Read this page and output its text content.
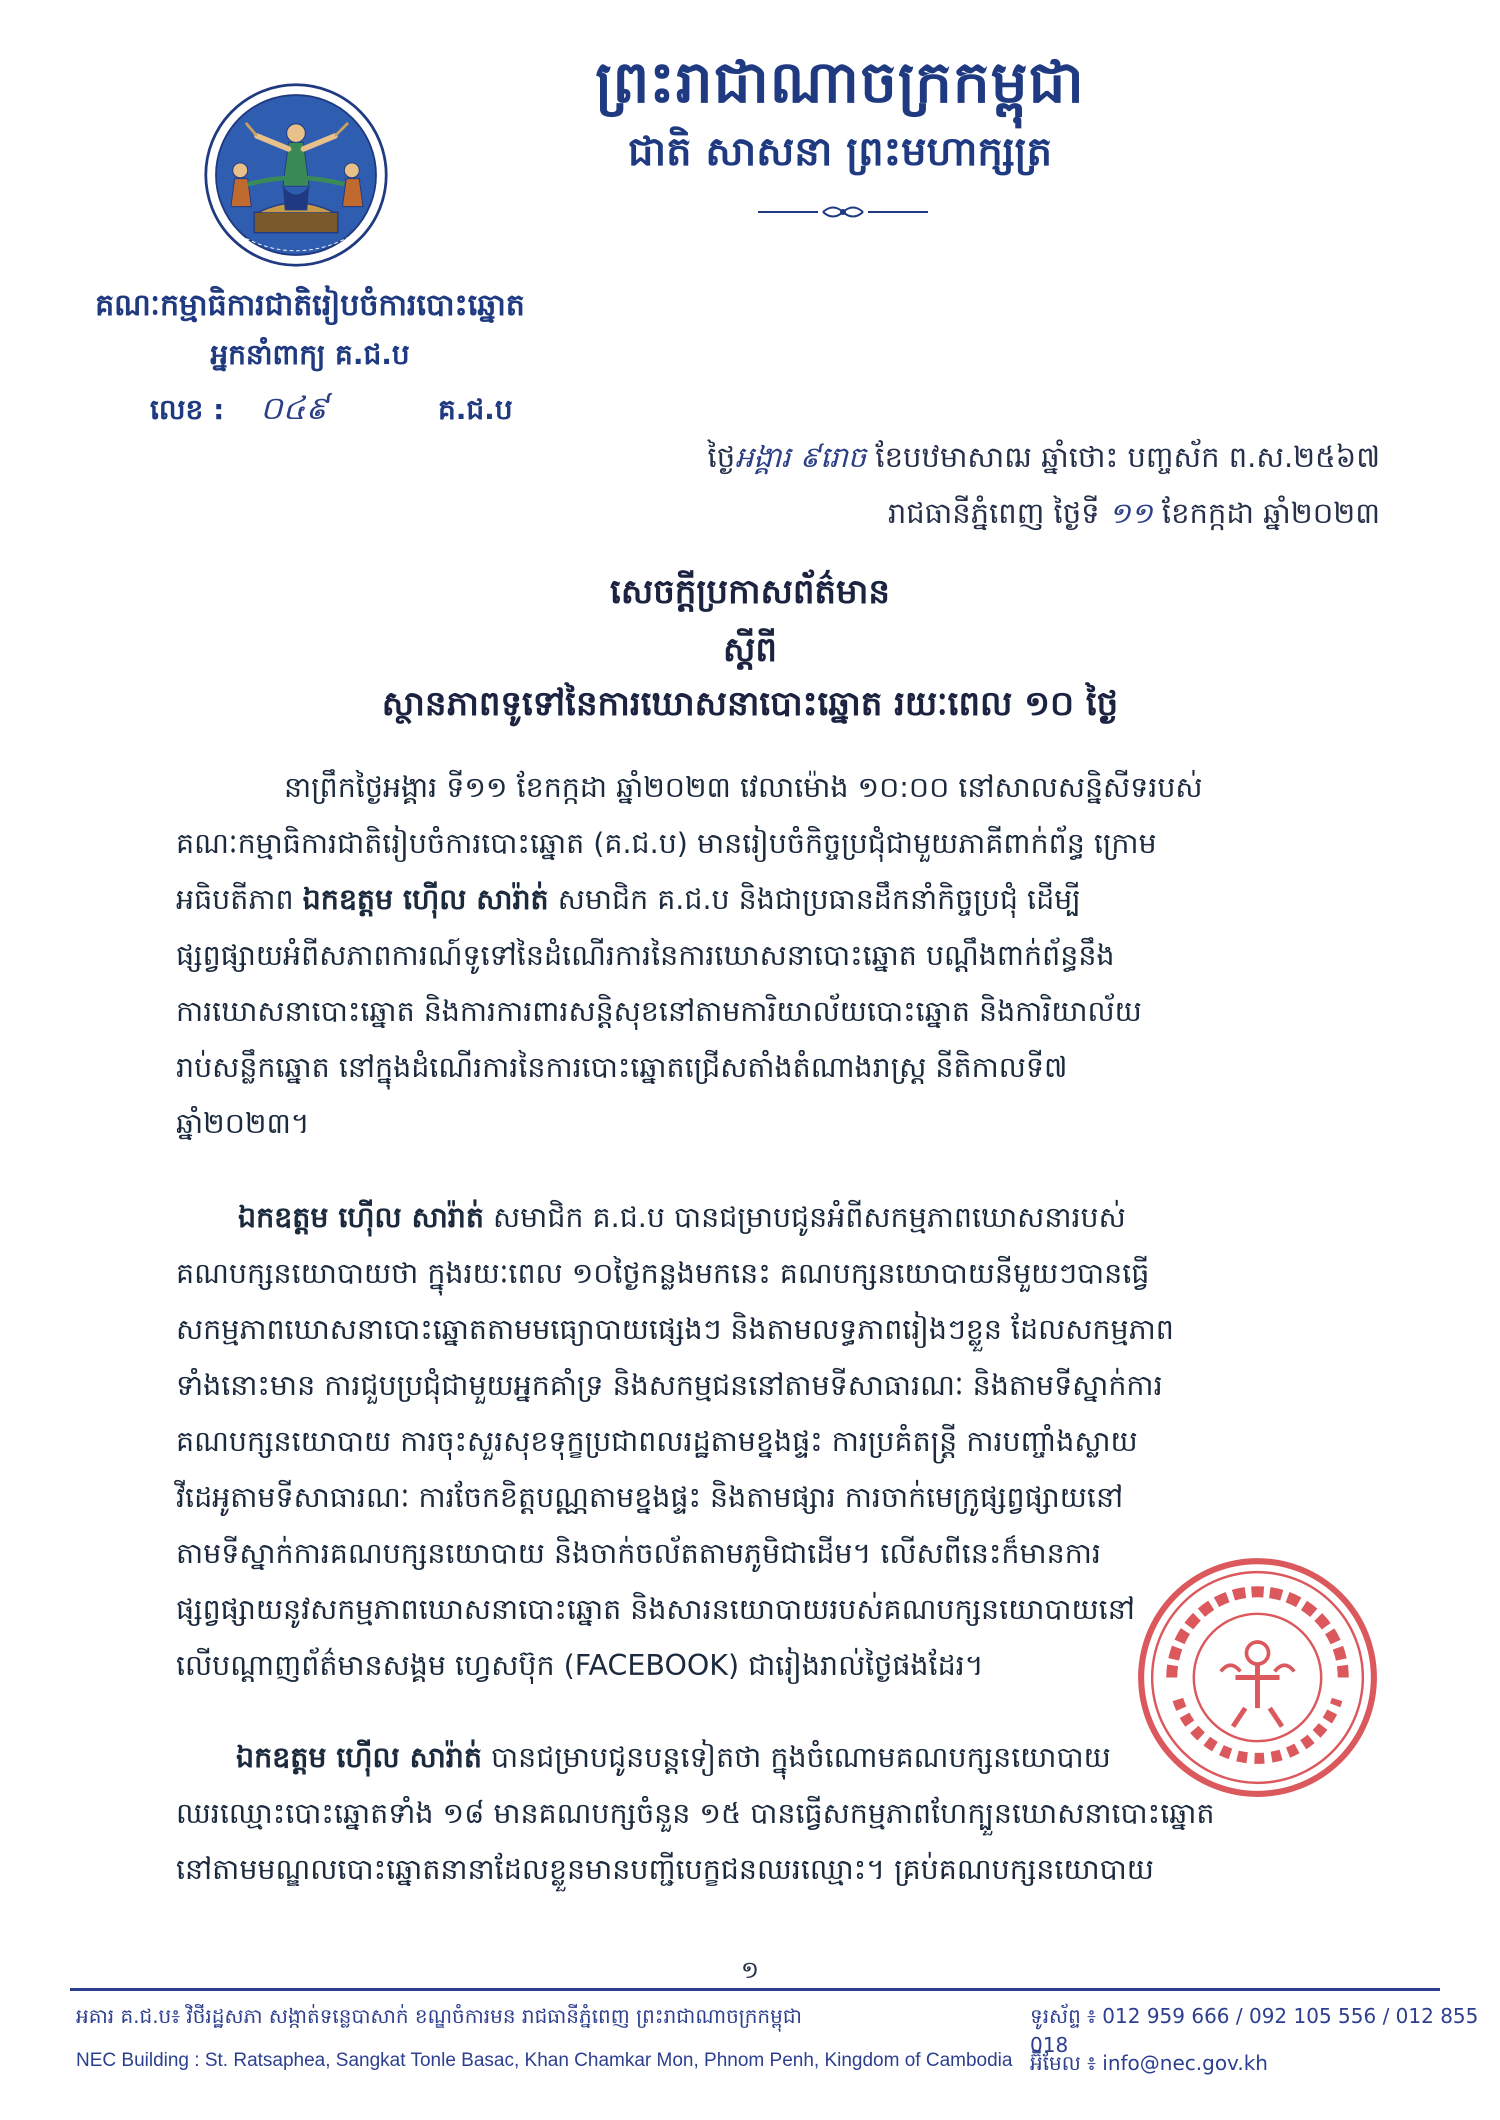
ព្រះរាជាណាចក្រកម្ពុជា
ជាតិ សាសនា ព្រះមហាក្សត្រ
គណៈកម្មាធិការជាតិរៀបចំការបោះឆ្នោត
អ្នកនាំពាក្យ គ.ជ.ប
លេខ : ០៤៩	គ.ជ.ប
ថ្ងៃអង្គារ ៩រោច ខែបឋមាសាឍ ឆ្នាំថោះ បញ្ចស័ក ព.ស.២៥៦៧
រាជធានីភ្នំពេញ ថ្ងៃទី ១១ ខែកក្កដា ឆ្នាំ២០២៣
សេចក្តីប្រកាសព័ត៌មាន
ស្តីពី
ស្ថានភាពទូទៅនៃការឃោសនាបោះឆ្នោត រយៈពេល ១០ ថ្ងៃ

នាព្រឹកថ្ងៃអង្គារ ទី១១ ខែកក្កដា ឆ្នាំ២០២៣ វេលាម៉ោង ១០:០០ នៅសាលសន្និសីទរបស់

គណៈកម្មាធិការជាតិរៀបចំការបោះឆ្នោត (គ.ជ.ប) មានរៀបចំកិច្ចប្រជុំជាមួយភាគីពាក់ព័ន្ធ ក្រោម

អធិបតីភាព ឯកឧត្តម ហ៊ើល សារ៉ាត់ សមាជិក គ.ជ.ប និងជាប្រធានដឹកនាំកិច្ចប្រជុំ ដើម្បី

ផ្សព្វផ្សាយអំពីសភាពការណ៍ទូទៅនៃដំណើរការនៃការឃោសនាបោះឆ្នោត បណ្តឹងពាក់ព័ន្ធនឹង

ការឃោសនាបោះឆ្នោត និងការការពារសន្តិសុខនៅតាមការិយាល័យបោះឆ្នោត និងការិយាល័យ

រាប់សន្លឹកឆ្នោត នៅក្នុងដំណើរការនៃការបោះឆ្នោតជ្រើសតាំងតំណាងរាស្ត្រ នីតិកាលទី៧

ឆ្នាំ២០២៣។

ឯកឧត្តម ហ៊ើល សារ៉ាត់ សមាជិក គ.ជ.ប បានជម្រាបជូនអំពីសកម្មភាពឃោសនារបស់

គណបក្សនយោបាយថា ក្នុងរយៈពេល ១០ថ្ងៃកន្លងមកនេះ គណបក្សនយោបាយនីមួយៗបានធ្វើ

សកម្មភាពឃោសនាបោះឆ្នោតតាមមធ្យោបាយផ្សេងៗ និងតាមលទ្ធភាពរៀងៗខ្លួន ដែលសកម្មភាព

ទាំងនោះមាន ការជួបប្រជុំជាមួយអ្នកគាំទ្រ និងសកម្មជននៅតាមទីសាធារណៈ និងតាមទីស្នាក់ការ

គណបក្សនយោបាយ ការចុះសួរសុខទុក្ខប្រជាពលរដ្ឋតាមខ្នងផ្ទះ ការប្រគំតន្ត្រី ការបញ្ចាំងស្លាយ

វីដេអូតាមទីសាធារណៈ ការចែកខិត្តបណ្ណតាមខ្នងផ្ទះ និងតាមផ្សារ ការចាក់មេក្រូផ្សព្វផ្សាយនៅ

តាមទីស្នាក់ការគណបក្សនយោបាយ និងចាក់ចល័តតាមភូមិជាដើម។ លើសពីនេះក៏មានការ

ផ្សព្វផ្សាយនូវសកម្មភាពឃោសនាបោះឆ្នោត និងសារនយោបាយរបស់គណបក្សនយោបាយនៅ

លើបណ្តាញព័ត៌មានសង្គម ហ្វេសប៊ុក (FACEBOOK) ជារៀងរាល់ថ្ងៃផងដែរ។

ឯកឧត្តម ហ៊ើល សារ៉ាត់ បានជម្រាបជូនបន្តទៀតថា ក្នុងចំណោមគណបក្សនយោបាយ

ឈរឈ្មោះបោះឆ្នោតទាំង ១៨ មានគណបក្សចំនួន ១៥ បានធ្វើសកម្មភាពហែក្បួនឃោសនាបោះឆ្នោត

នៅតាមមណ្ឌលបោះឆ្នោតនានាដែលខ្លួនមានបញ្ជីបេក្ខជនឈរឈ្មោះ។ គ្រប់គណបក្សនយោបាយ

១
អគារ គ.ជ.ប៖ វិថីរដ្ឋសភា សង្កាត់ទន្លេបាសាក់ ខណ្ឌចំការមន រាជធានីភ្នំពេញ ព្រះរាជាណាចក្រកម្ពុជា	ទូរស័ព្ទ ៖ 012 959 666 / 092 105 556 / 012 855 018
NEC Building : St. Ratsaphea, Sangkat Tonle Basac, Khan Chamkar Mon, Phnom Penh, Kingdom of Cambodia អ៊ីមែល ៖ info@nec.gov.kh
